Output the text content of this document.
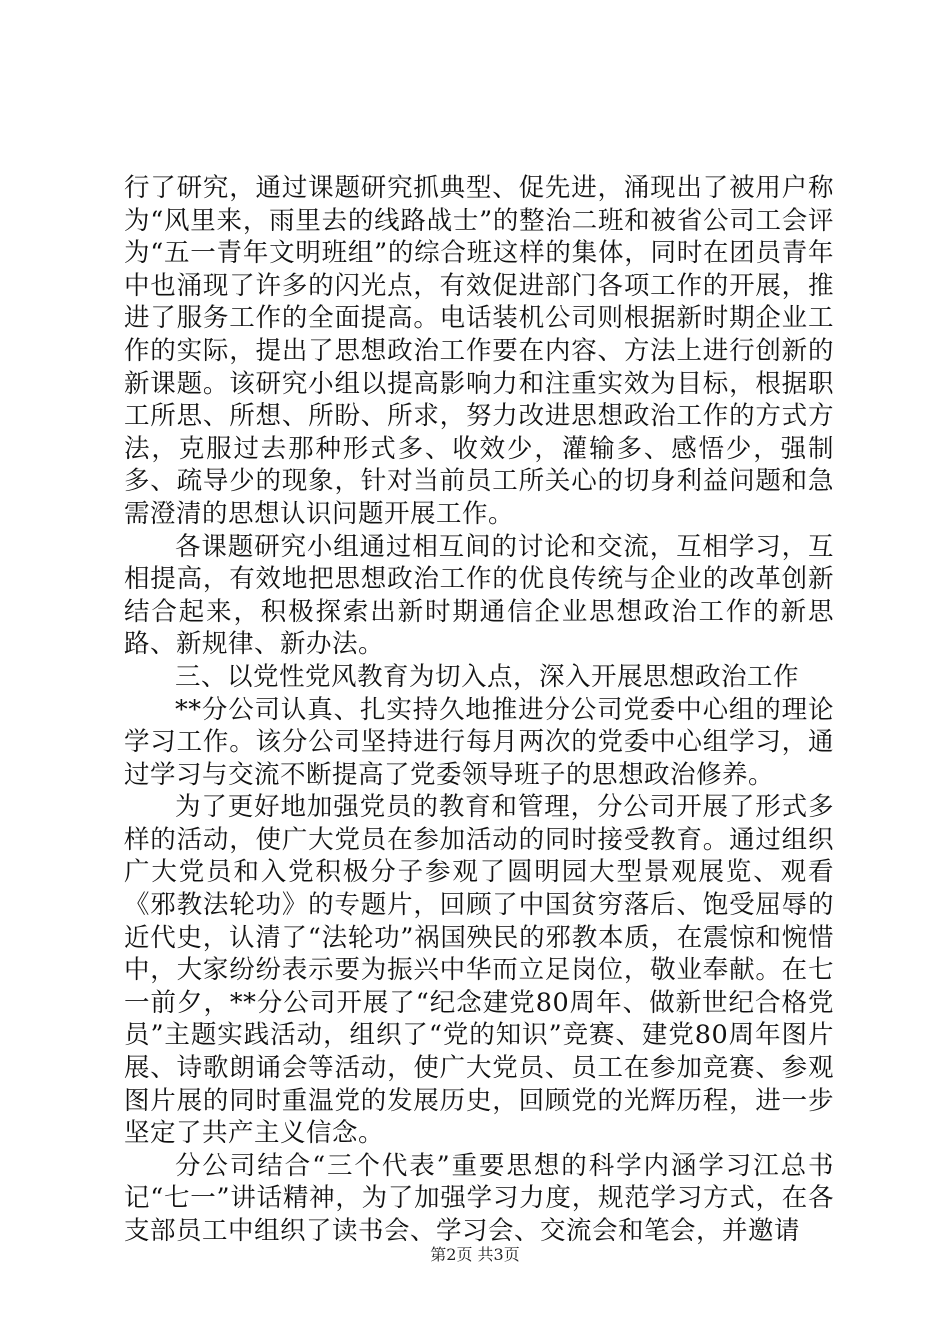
行了研究，通过课题研究抓典型、促先进，涌现出了被用户称为“风里来，雨里去的线路战士”的整治二班和被省公司工会评为“五一青年文明班组”的综合班这样的集体，同时在团员青年中也涌现了许多的闪光点，有效促进部门各项工作的开展，推进了服务工作的全面提高。电话装机公司则根据新时期企业工作的实际，提出了思想政治工作要在内容、方法上进行创新的新课题。该研究小组以提高影响力和注重实效为目标，根据职工所思、所想、所盼、所求，努力改进思想政治工作的方式方法，克服过去那种形式多、收效少，灌输多、感悟少，强制多、疏导少的现象，针对当前员工所关心的切身利益问题和急需澄清的思想认识问题开展工作。

各课题研究小组通过相互间的讨论和交流，互相学习，互相提高，有效地把思想政治工作的优良传统与企业的改革创新结合起来，积极探索出新时期通信企业思想政治工作的新思路、新规律、新办法。

三、以党性党风教育为切入点，深入开展思想政治工作

**分公司认真、扎实持久地推进分公司党委中心组的理论学习工作。该分公司坚持进行每月两次的党委中心组学习，通过学习与交流不断提高了党委领导班子的思想政治修养。

为了更好地加强党员的教育和管理，分公司开展了形式多样的活动，使广大党员在参加活动的同时接受教育。通过组织广大党员和入党积极分子参观了圆明园大型景观展览、观看《邪教法轮功》的专题片，回顾了中国贫穷落后、饱受屈辱的近代史，认清了“法轮功”祸国殃民的邪教本质，在震惊和惋惜中，大家纷纷表示要为振兴中华而立足岗位，敬业奉献。在七一前夕，**分公司开展了“纪念建党80周年、做新世纪合格党员”主题实践活动，组织了“党的知识”竞赛、建党80周年图片展、诗歌朗诵会等活动，使广大党员、员工在参加竞赛、参观图片展的同时重温党的发展历史，回顾党的光辉历程，进一步坚定了共产主义信念。

分公司结合“三个代表”重要思想的科学内涵学习江总书记“七一”讲话精神，为了加强学习力度，规范学习方式，在各支部员工中组织了读书会、学习会、交流会和笔会，并邀请

第2页 共3页
